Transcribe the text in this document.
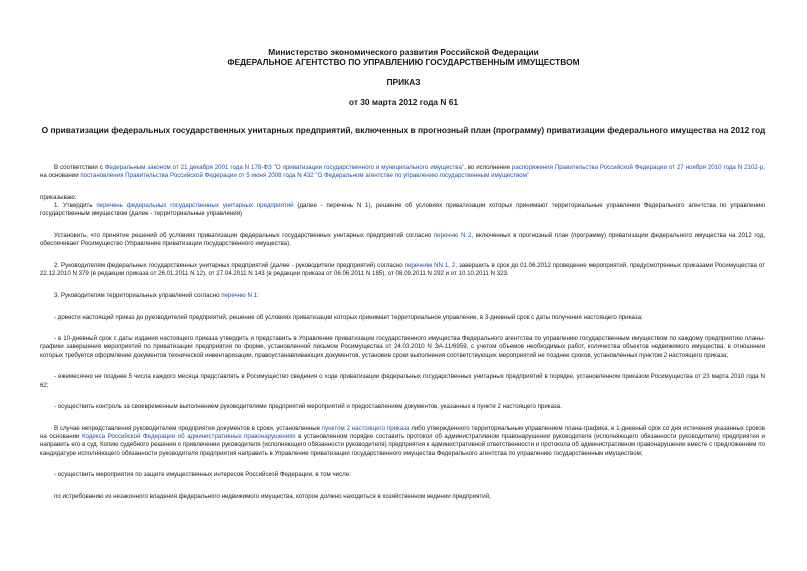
Министерство экономического развития Российской Федерации
ФЕДЕРАЛЬНОЕ АГЕНТСТВО ПО УПРАВЛЕНИЮ ГОСУДАРСТВЕННЫМ ИМУЩЕСТВОМ
ПРИКАЗ
от 30 марта 2012 года N 61
О приватизации федеральных государственных унитарных предприятий, включенных в прогнозный план (программу) приватизации федерального имущества на 2012 год

В соответствии с Федеральным законом от 21 декабря 2001 года N 178-ФЗ "О приватизации государственного и муниципального имущества", во исполнение распоряжения Правительства Российской Федерации от 27 ноября 2010 года N 2102-р, на основании постановления Правительства Российской Федерации от 5 июня 2008 года N 432 "О Федеральном агентстве по управлению государственным имуществом"

приказываю:

1. Утвердить перечень федеральных государственных унитарных предприятий (далее - перечень N 1), решение об условиях приватизации которых принимают территориальные управления Федерального агентства по управлению государственным имуществом (далее - территориальные управления)

Установить, что принятие решений об условиях приватизации федеральных государственных унитарных предприятий согласно перечню N 2, включенных в прогнозный план (программу) приватизации федерального имущества на 2012 год, обеспечивает Росимущество (Управление приватизации государственного имущества).

2. Руководителям федеральных государственных унитарных предприятий (далее - руководители предприятий) согласно перечням NN 1, 2, завершить в срок до 01.06.2012 проведение мероприятий, предусмотренных приказами Росимущества от 22.12.2010 N 379 (в редакции приказа от 26.01.2011 N 12), от 27.04.2011 N 143 (в редакции приказа от 06.06.2011 N 185), от 08.09.2011 N 292 и от 10.10.2011 N 323.

3. Руководителям территориальных управлений согласно перечню N 1:

- довести настоящий приказ до руководителей предприятий, решение об условиях приватизации которых принимает территориальное управление, в 3-дневный срок с даты получения настоящего приказа;

- в 10-дневный срок с даты издания настоящего приказа утвердить и представить в Управление приватизации государственного имущества Федерального агентства по управлению государственным имуществом по каждому предприятию планы-графики завершения мероприятий по приватизации предприятия по форме, установленной письмом Росимущества от 24.03.2010 N ЭА-11/6959, с учетом объемов необходимых работ, количества объектов недвижимого имущества, в отношении которых требуется оформление документов технической инвентаризации, правоустанавливающих документов, установив сроки выполнения соответствующих мероприятий не позднее сроков, установленных пунктом 2 настоящего приказа;

- ежемесячно не позднее 5 числа каждого месяца представлять в Росимущество сведения о ходе приватизации федеральных государственных унитарных предприятий в порядке, установленном приказом Росимущества от 23 марта 2010 года N 62;

- осуществить контроль за своевременным выполнением руководителями предприятий мероприятий и предоставлением документов, указанных в пункте 2 настоящего приказа.

В случае непредставления руководителем предприятия документов в сроки, установленные пунктом 2 настоящего приказа либо утвержденного территориальным управлением плана-графика, в 1-дневный срок со дня истечения указанных сроков на основании Кодекса Российской Федерации об административных правонарушениях в установленном порядке составить протокол об административном правонарушении руководителя (исполняющего обязанности руководителя) предприятия и направить его в суд. Копию судебного решения о привлечении руководителя (исполняющего обязанности руководителя) предприятия к административной ответственности и протокола об административном правонарушении вместе с предложением по кандидатуре исполняющего обязанности руководителя предприятия направить в Управление приватизации государственного имущества Федерального агентства по управлению государственным имуществом;

- осуществить мероприятия по защите имущественных интересов Российской Федерации, в том числе:

по истребованию из незаконного владения федерального недвижимого имущества, которое должно находиться в хозяйственном ведении предприятий,
